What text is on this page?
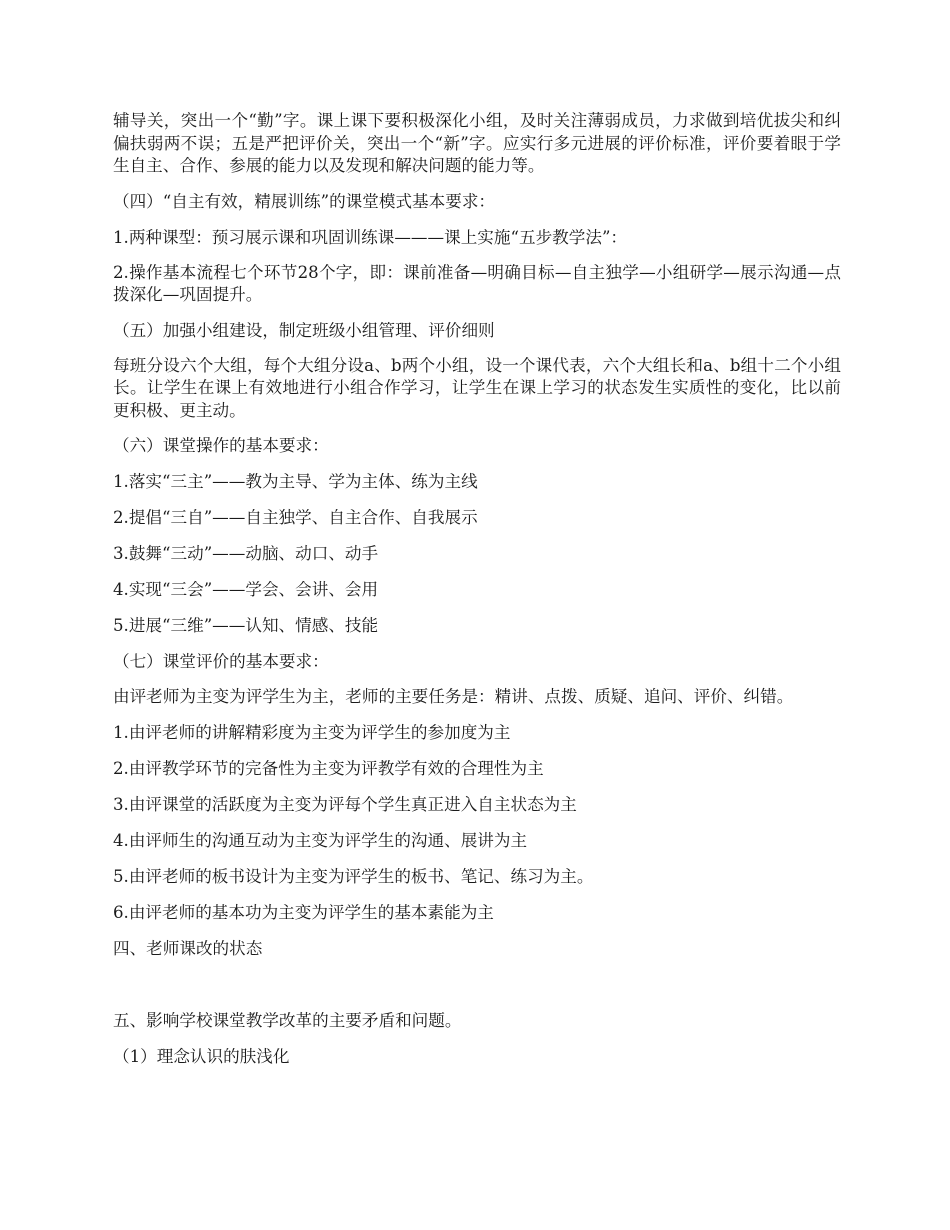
辅导关，突出一个“勤”字。课上课下要积极深化小组，及时关注薄弱成员，力求做到培优拔尖和纠偏扶弱两不误；五是严把评价关，突出一个“新”字。应实行多元进展的评价标准，评价要着眼于学生自主、合作、参展的能力以及发现和解决问题的能力等。

（四）“自主有效，精展训练”的课堂模式基本要求：

1.两种课型：预习展示课和巩固训练课———课上实施“五步教学法”：

2.操作基本流程七个环节28个字，即：课前准备—明确目标—自主独学—小组研学—展示沟通—点拨深化—巩固提升。

（五）加强小组建设，制定班级小组管理、评价细则

每班分设六个大组，每个大组分设a、b两个小组，设一个课代表，六个大组长和a、b组十二个小组长。让学生在课上有效地进行小组合作学习，让学生在课上学习的状态发生实质性的变化，比以前更积极、更主动。

（六）课堂操作的基本要求：

1.落实“三主”——教为主导、学为主体、练为主线

2.提倡“三自”——自主独学、自主合作、自我展示

3.鼓舞“三动”——动脑、动口、动手

4.实现“三会”——学会、会讲、会用

5.进展“三维”——认知、情感、技能

（七）课堂评价的基本要求：

由评老师为主变为评学生为主，老师的主要任务是：精讲、点拨、质疑、追问、评价、纠错。

1.由评老师的讲解精彩度为主变为评学生的参加度为主

2.由评教学环节的完备性为主变为评教学有效的合理性为主

3.由评课堂的活跃度为主变为评每个学生真正进入自主状态为主

4.由评师生的沟通互动为主变为评学生的沟通、展讲为主

5.由评老师的板书设计为主变为评学生的板书、笔记、练习为主。

6.由评老师的基本功为主变为评学生的基本素能为主

四、老师课改的状态

五、影响学校课堂教学改革的主要矛盾和问题。

（1）理念认识的肤浅化
